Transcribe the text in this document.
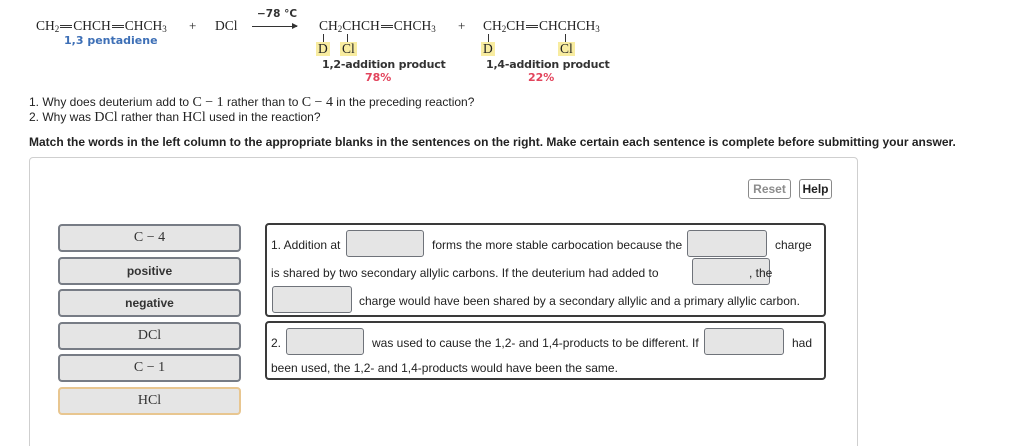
$CH_2$ CHCH $CHCH_3$
1,3 pentadiene
+ DCl
−78 °C
→ $CH_2CHCH$ $CHCH_3$
D Cl
1,2-addition product
78%
+ $CH_2CH$ $CHCHCH_3$
D	Cl
1,4-addition product
22%
1. Why does deuterium add to C − 1 rather than to C − 4 in the preceding reaction?
2. Why was DCl rather than HCl used in the reaction?
Match the words in the left column to the appropriate blanks in the sentences on the right. Make certain each sentence is complete before submitting your answer.
Reset	Help
C − 4
positive
negative
DCl
C − 1
HCl
1. Addition at	forms the more stable carbocation because the	charge
is shared by two secondary allylic carbons. If the deuterium had added to	, the
charge would have been shared by a secondary allylic and a primary allylic carbon.
2.	was used to cause the 1,2- and 1,4-products to be different. If	had
been used, the 1,2- and 1,4-products would have been the same.
